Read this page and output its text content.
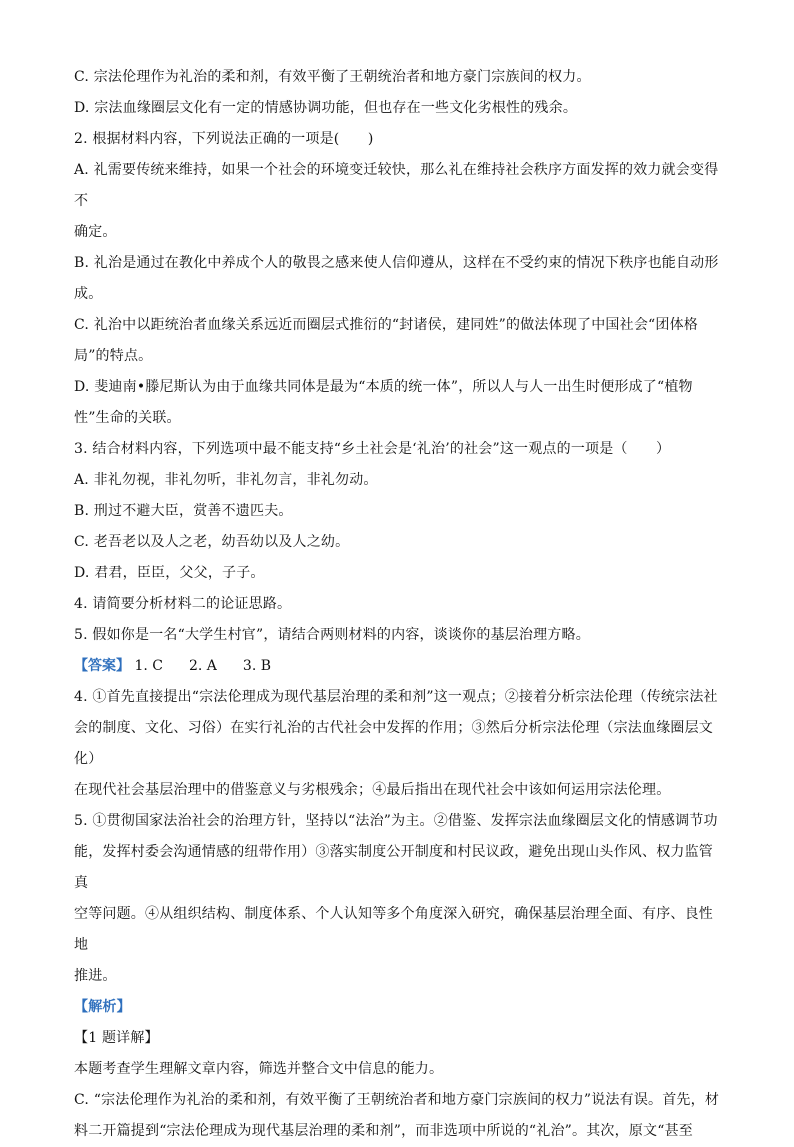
C. 宗法伦理作为礼治的柔和剂，有效平衡了王朝统治者和地方豪门宗族间的权力。

D. 宗法血缘圈层文化有一定的情感协调功能，但也存在一些文化劣根性的残余。

2. 根据材料内容，下列说法正确的一项是(　　)

A. 礼需要传统来维持，如果一个社会的环境变迁较快，那么礼在维持社会秩序方面发挥的效力就会变得不

确定。

B. 礼治是通过在教化中养成个人的敬畏之感来使人信仰遵从，这样在不受约束的情况下秩序也能自动形

成。

C. 礼治中以距统治者血缘关系远近而圈层式推衍的“封诸侯，建同姓”的做法体现了中国社会“团体格

局”的特点。

D. 斐迪南•滕尼斯认为由于血缘共同体是最为“本质的统一体”，所以人与人一出生时便形成了“植物

性”生命的关联。

3. 结合材料内容，下列选项中最不能支持“乡土社会是‘礼治’的社会”这一观点的一项是（　　）

A. 非礼勿视，非礼勿听，非礼勿言，非礼勿动。

B. 刑过不避大臣，赏善不遗匹夫。

C. 老吾老以及人之老，幼吾幼以及人之幼。

D. 君君，臣臣，父父，子子。

4. 请简要分析材料二的论证思路。

5. 假如你是一名“大学生村官”，请结合两则材料的内容，谈谈你的基层治理方略。

【答案】 1. C 2. A 3. B

4. ①首先直接提出“宗法伦理成为现代基层治理的柔和剂”这一观点；②接着分析宗法伦理（传统宗法社

会的制度、文化、习俗）在实行礼治的古代社会中发挥的作用；③然后分析宗法伦理（宗法血缘圈层文化）

在现代社会基层治理中的借鉴意义与劣根残余；④最后指出在现代社会中该如何运用宗法伦理。

5. ①贯彻国家法治社会的治理方针，坚持以“法治”为主。②借鉴、发挥宗法血缘圈层文化的情感调节功

能，发挥村委会沟通情感的纽带作用）③落实制度公开制度和村民议政，避免出现山头作风、权力监管真

空等问题。④从组织结构、制度体系、个人认知等多个角度深入研究，确保基层治理全面、有序、良性地

推进。

【解析】

【1 题详解】

本题考查学生理解文章内容，筛选并整合文中信息的能力。

C. “宗法伦理作为礼治的柔和剂，有效平衡了王朝统治者和地方豪门宗族间的权力”说法有误。首先，材

料二开篇提到“宗法伦理成为现代基层治理的柔和剂”，而非选项中所说的“礼治”。其次，原文“甚至
